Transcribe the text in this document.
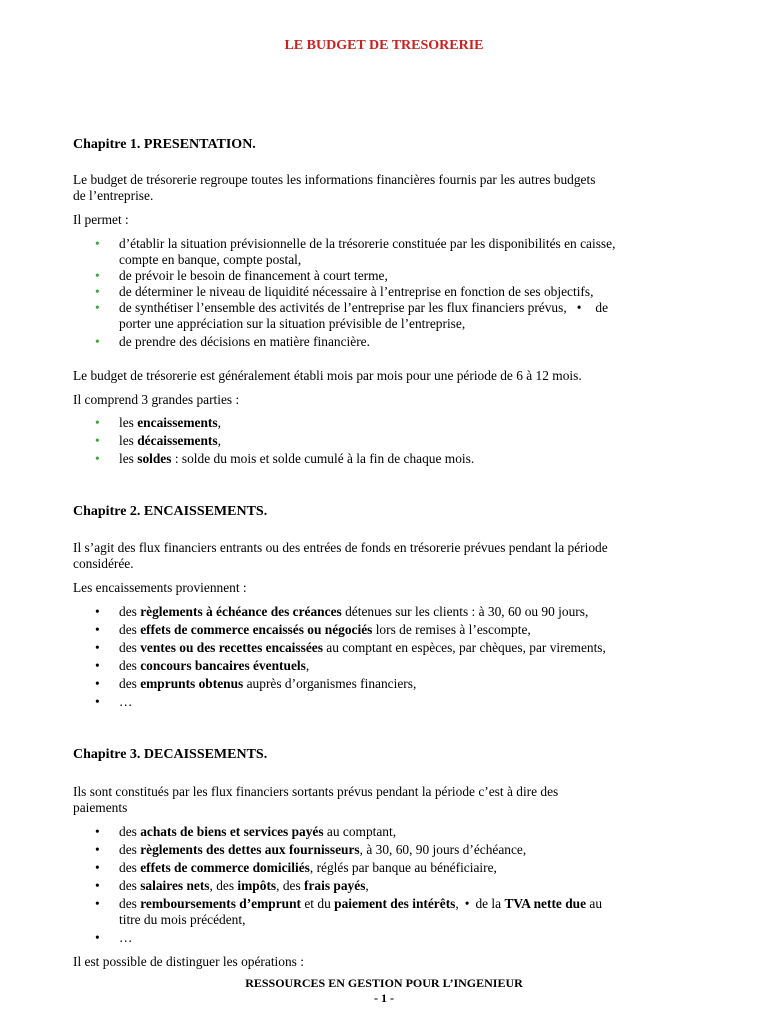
LE BUDGET DE TRESORERIE
Chapitre 1. PRESENTATION.
Le budget de trésorerie regroupe toutes les informations financières fournis par les autres budgets
de l’entreprise.
Il permet :
• d’établir la situation prévisionnelle de la trésorerie constituée par les disponibilités en caisse,
compte en banque, compte postal,
• de prévoir le besoin de financement à court terme,
• de déterminer le niveau de liquidité nécessaire à l’entreprise en fonction de ses objectifs,
• de synthétiser l’ensemble des activités de l’entreprise par les flux financiers prévus, • de
porter une appréciation sur la situation prévisible de l’entreprise,
• de prendre des décisions en matière financière.
Le budget de trésorerie est généralement établi mois par mois pour une période de 6 à 12 mois.
Il comprend 3 grandes parties :
• les encaissements,
• les décaissements,
• les soldes : solde du mois et solde cumulé à la fin de chaque mois.
Chapitre 2. ENCAISSEMENTS.
Il s’agit des flux financiers entrants ou des entrées de fonds en trésorerie prévues pendant la période
considérée.
Les encaissements proviennent :
• des règlements à échéance des créances détenues sur les clients : à 30, 60 ou 90 jours,
• des effets de commerce encaissés ou négociés lors de remises à l’escompte,
• des ventes ou des recettes encaissées au comptant en espèces, par chèques, par virements,
• des concours bancaires éventuels,
• des emprunts obtenus auprès d’organismes financiers,
• …
Chapitre 3. DECAISSEMENTS.
Ils sont constitués par les flux financiers sortants prévus pendant la période c’est à dire des
paiements
• des achats de biens et services payés au comptant,
• des règlements des dettes aux fournisseurs, à 30, 60, 90 jours d’échéance,
• des effets de commerce domiciliés, réglés par banque au bénéficiaire,
• des salaires nets, des impôts, des frais payés,
• des remboursements d’emprunt et du paiement des intérêts, • de la TVA nette due au
titre du mois précédent,
• …
Il est possible de distinguer les opérations :
RESSOURCES EN GESTION POUR L’INGENIEUR
- 1 -
